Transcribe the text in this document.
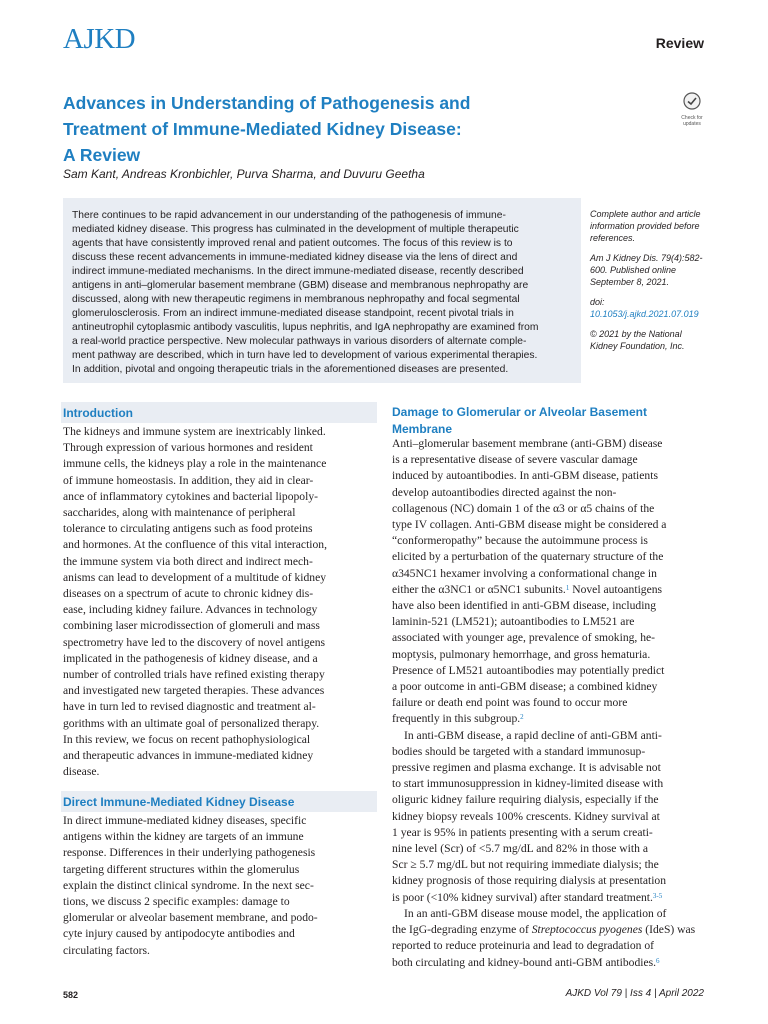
AJKD	Review
Advances in Understanding of Pathogenesis and
Treatment of Immune-Mediated Kidney Disease:
A Review
Check for updates
Sam Kant, Andreas Kronbichler, Purva Sharma, and Duvuru Geetha
There continues to be rapid advancement in our understanding of the pathogenesis of immune-
mediated kidney disease. This progress has culminated in the development of multiple therapeutic
agents that have consistently improved renal and patient outcomes. The focus of this review is to
discuss these recent advancements in immune-mediated kidney disease via the lens of direct and
indirect immune-mediated mechanisms. In the direct immune-mediated disease, recently described
antigens in anti–glomerular basement membrane (GBM) disease and membranous nephropathy are
discussed, along with new therapeutic regimens in membranous nephropathy and focal segmental
glomerulosclerosis. From an indirect immune-mediated disease standpoint, recent pivotal trials in
antineutrophil cytoplasmic antibody vasculitis, lupus nephritis, and IgA nephropathy are examined from
a real-world practice perspective. New molecular pathways in various disorders of alternate comple-
ment pathway are described, which in turn have led to development of various experimental therapies.
In addition, pivotal and ongoing therapeutic trials in the aforementioned diseases are presented.

Complete author and article information provided before references.

Am J Kidney Dis. 79(4):582-600. Published online September 8, 2021.

doi: 10.1053/j.ajkd.2021.07.019

© 2021 by the National Kidney Foundation, Inc.

Introduction
The kidneys and immune system are inextricably linked.
Through expression of various hormones and resident
immune cells, the kidneys play a role in the maintenance
of immune homeostasis. In addition, they aid in clear-
ance of inflammatory cytokines and bacterial lipopoly-
saccharides, along with maintenance of peripheral
tolerance to circulating antigens such as food proteins
and hormones. At the confluence of this vital interaction,
the immune system via both direct and indirect mech-
anisms can lead to development of a multitude of kidney
diseases on a spectrum of acute to chronic kidney dis-
ease, including kidney failure. Advances in technology
combining laser microdissection of glomeruli and mass
spectrometry have led to the discovery of novel antigens
implicated in the pathogenesis of kidney disease, and a
number of controlled trials have refined existing therapy
and investigated new targeted therapies. These advances
have in turn led to revised diagnostic and treatment al-
gorithms with an ultimate goal of personalized therapy.
In this review, we focus on recent pathophysiological
and therapeutic advances in immune-mediated kidney
disease.
Direct Immune-Mediated Kidney Disease
In direct immune-mediated kidney diseases, specific
antigens within the kidney are targets of an immune
response. Differences in their underlying pathogenesis
targeting different structures within the glomerulus
explain the distinct clinical syndrome. In the next sec-
tions, we discuss 2 specific examples: damage to
glomerular or alveolar basement membrane, and podo-
cyte injury caused by antipodocyte antibodies and
circulating factors.
Damage to Glomerular or Alveolar Basement
Membrane
Anti–glomerular basement membrane (anti-GBM) disease
is a representative disease of severe vascular damage
induced by autoantibodies. In anti-GBM disease, patients
develop autoantibodies directed against the non-
collagenous (NC) domain 1 of the α3 or α5 chains of the
type IV collagen. Anti-GBM disease might be considered a
“conformeropathy” because the autoimmune process is
elicited by a perturbation of the quaternary structure of the
α345NC1 hexamer involving a conformational change in
either the α3NC1 or α5NC1 subunits.$^1$ Novel autoantigens
have also been identified in anti-GBM disease, including
laminin-521 (LM521); autoantibodies to LM521 are
associated with younger age, prevalence of smoking, he-
moptysis, pulmonary hemorrhage, and gross hematuria.
Presence of LM521 autoantibodies may potentially predict
a poor outcome in anti-GBM disease; a combined kidney
failure or death end point was found to occur more
frequently in this subgroup.$^2$
In anti-GBM disease, a rapid decline of anti-GBM anti-
bodies should be targeted with a standard immunosup-
pressive regimen and plasma exchange. It is advisable not
to start immunosuppression in kidney-limited disease with
oliguric kidney failure requiring dialysis, especially if the
kidney biopsy reveals 100% crescents. Kidney survival at
1 year is 95% in patients presenting with a serum creati-
nine level (Scr) of <5.7 mg/dL and 82% in those with a
Scr ≥ 5.7 mg/dL but not requiring immediate dialysis; the
kidney prognosis of those requiring dialysis at presentation
is poor (<10% kidney survival) after standard treatment.$^{3-5}$
In an anti-GBM disease mouse model, the application of
the IgG-degrading enzyme of Streptococcus pyogenes (IdeS) was
reported to reduce proteinuria and lead to degradation of
both circulating and kidney-bound anti-GBM antibodies.$^6$
582	AJKD Vol 79 | Iss 4 | April 2022
